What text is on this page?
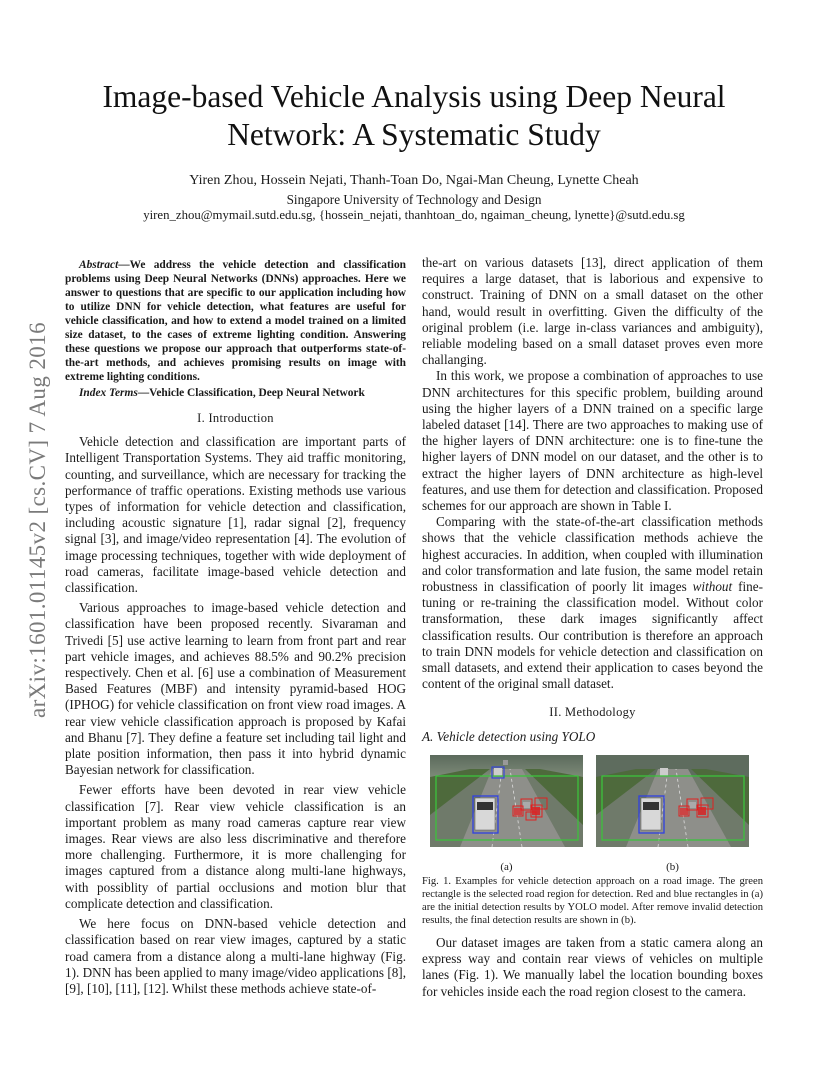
arXiv:1601.01145v2 [cs.CV] 7 Aug 2016
Image-based Vehicle Analysis using Deep Neural
Network: A Systematic Study
Yiren Zhou, Hossein Nejati, Thanh-Toan Do, Ngai-Man Cheung, Lynette Cheah
Singapore University of Technology and Design
yiren_zhou@mymail.sutd.edu.sg, {hossein_nejati, thanhtoan_do, ngaiman_cheung, lynette}@sutd.edu.sg

Abstract—We address the vehicle detection and classification problems using Deep Neural Networks (DNNs) approaches. Here we answer to questions that are specific to our application including how to utilize DNN for vehicle detection, what features are useful for vehicle classification, and how to extend a model trained on a limited size dataset, to the cases of extreme lighting condition. Answering these questions we propose our approach that outperforms state-of-the-art methods, and achieves promising results on image with extreme lighting conditions.

Index Terms—Vehicle Classification, Deep Neural Network

I. Introduction

Vehicle detection and classification are important parts of Intelligent Transportation Systems. They aid traffic monitoring, counting, and surveillance, which are necessary for tracking the performance of traffic operations. Existing methods use various types of information for vehicle detection and classification, including acoustic signature [1], radar signal [2], frequency signal [3], and image/video representation [4]. The evolution of image processing techniques, together with wide deployment of road cameras, facilitate image-based vehicle detection and classification.

Various approaches to image-based vehicle detection and classification have been proposed recently. Sivaraman and Trivedi [5] use active learning to learn from front part and rear part vehicle images, and achieves 88.5% and 90.2% precision respectively. Chen et al. [6] use a combination of Measurement Based Features (MBF) and intensity pyramid-based HOG (IPHOG) for vehicle classification on front view road images. A rear view vehicle classification approach is proposed by Kafai and Bhanu [7]. They define a feature set including tail light and plate position information, then pass it into hybrid dynamic Bayesian network for classification.

Fewer efforts have been devoted in rear view vehicle classification [7]. Rear view vehicle classification is an important problem as many road cameras capture rear view images. Rear views are also less discriminative and therefore more challenging. Furthermore, it is more challenging for images captured from a distance along multi-lane highways, with possiblity of partial occlusions and motion blur that complicate detection and classification.

We here focus on DNN-based vehicle detection and classification based on rear view images, captured by a static road camera from a distance along a multi-lane highway (Fig. 1). DNN has been applied to many image/video applications [8], [9], [10], [11], [12]. Whilst these methods achieve state-of-

the-art on various datasets [13], direct application of them requires a large dataset, that is laborious and expensive to construct. Training of DNN on a small dataset on the other hand, would result in overfitting. Given the difficulty of the original problem (i.e. large in-class variances and ambiguity), reliable modeling based on a small dataset proves even more challanging.

In this work, we propose a combination of approaches to use DNN architectures for this specific problem, building around using the higher layers of a DNN trained on a specific large labeled dataset [14]. There are two approaches to making use of the higher layers of DNN architecture: one is to fine-tune the higher layers of DNN model on our dataset, and the other is to extract the higher layers of DNN architecture as high-level features, and use them for detection and classification. Proposed schemes for our approach are shown in Table I.

Comparing with the state-of-the-art classification methods shows that the vehicle classification methods achieve the highest accuracies. In addition, when coupled with illumination and color transformation and late fusion, the same model retain robustness in classification of poorly lit images without fine-tuning or re-training the classification model. Without color transformation, these dark images significantly affect classification results. Our contribution is therefore an approach to train DNN models for vehicle detection and classification on small datasets, and extend their application to cases beyond the content of the original small dataset.

II. Methodology
A. Vehicle detection using YOLO
(a)	(b)
Fig. 1. Examples for vehicle detection approach on a road image. The green rectangle is the selected road region for detection. Red and blue rectangles in (a) are the initial detection results by YOLO model. After remove invalid detection results, the final detection results are shown in (b).

Our dataset images are taken from a static camera along an express way and contain rear views of vehicles on multiple lanes (Fig. 1). We manually label the location bounding boxes for vehicles inside each the road region closest to the camera.
